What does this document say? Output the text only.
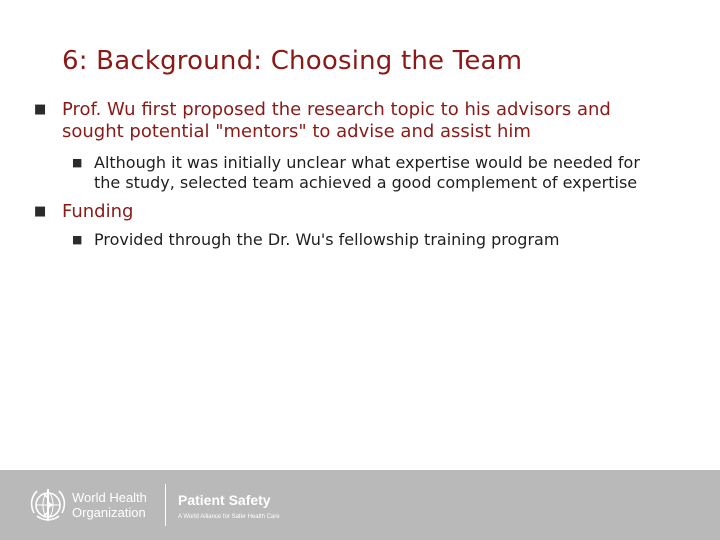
6: Background: Choosing the Team
■ Prof. Wu first proposed the research topic to his advisors and
sought potential "mentors" to advise and assist him
■ Although it was initially unclear what expertise would be needed for
the study, selected team achieved a good complement of expertise
■ Funding
■ Provided through the Dr. Wu's fellowship training program
World Health
Organization
Patient Safety
A World Alliance for Safer Health Care
